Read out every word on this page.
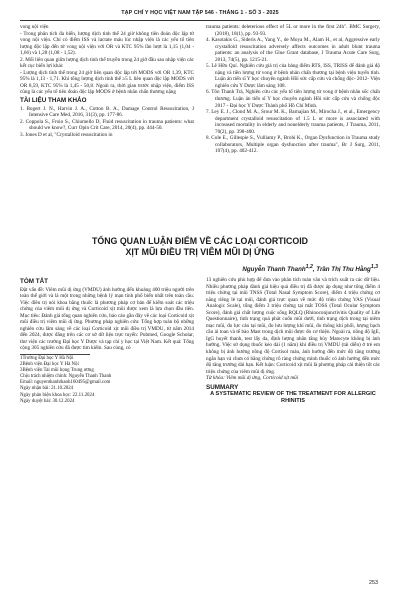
TẠP CHÍ Y HỌC VIỆT NAM TẬP 546 - THÁNG 1 - SỐ 3 - 2025

vong nội viện

- Trong phân tích đa biến, lượng dịch tinh thể 24 giờ không tiên đoán độc lập tử vong nội viện. Chỉ có điểm ISS và lactate máu lúc nhập viện là các yếu tố tiên lượng độc lập đến tử vong nội viện với OR và KTC 95% lần lượt là 1,15 (1,04 - 1,66) và 1,28 (1,08 - 1,52).

2. Mối liên quan giữa lượng dịch tinh thể truyền trong 24 giờ đầu sau nhập viện các kết cục biến lợi khác

- Lượng dịch tinh thể trong 24 giờ liên quan độc lập tới MODS với OR 1,39, KTC 95% là 1,13 - 1,71. Khi tổng lượng dịch tinh thể ≥5 L liên quan độc lập MODS với OR 8,59, KTC 95% là 1,45 - 50,8. Ngoài ra, thời gian trước nhập viện, điểm ISS cũng là các yếu tố tiên đoán độc lập MODS ở bệnh nhân chấn thương nặng

TÀI LIỆU THAM KHẢO

1. Bogert J. N., Harvin J. A., Cotton B. A., Damage Control Resuscitation, J Intensive Care Med, 2016, 31(3), pp. 177-86.

2. Coppola S., Froio S., Chiumello D, Fluid resuscitation in trauma patients: what should we know?, Curr Opin Crit Care, 2014, 20(4), pp. 444-50.

3. Jones D et al, "Crystalloid resuscitation in

trauma patients: deleterious effect of 5L or more in the first 24h". BMC Surgery, (2018), 18(1), pp. 93-93.

4. Kasotakis G., Sideris A., Yang Y., de Moya M., Alam H., et al, Aggressive early crystalloid resuscitation adversely affects outcomes in adult blunt trauma patients: an analysis of the Glue Grant database, J Trauma Acute Care Surg, 2013, 74(5), pp. 1215-21.

5. Lê Hữu Quí. Nghiên cứu giá trị của bảng điểm RTS, ISS, TRISS để đánh giá độ nặng và tiên lượng tử vong ở bệnh nhân chấn thương tại bệnh viện tuyến tỉnh. Luận án tiến sĩ Y học chuyên ngành Hồi sức cấp cứu và chống độc- 2012- Viện nghiên cứu Y Dược lâm sàng 108.

6. Tôn Thanh Trà, Nghiên cứu các yếu tố tiên lượng tử vong ở bệnh nhân sốc chấn thương. Luận án tiến sĩ Y học chuyên ngành Hồi sức cấp cứu và chống độc 2017 - Đại học Y Dược Thành phố Hồ Chí Minh.

7. Ley E. J., Clond M. A., Srour M. K., Barnajian M., Mirocha J., et al., Emergency department crystalloid resuscitation of 1.5 L or more is associated with increased mortality in elderly and nonelderly trauma patients, J Trauma, 2011, 70(2), pp. 398-400.

8. Cole E., Gillespie S., Vulliamy P., Brohi K., Organ Dysfunction in Trauma study collaborators, Multiple organ dysfunction after trauma", Br J Surg, 2011, 107(4), pp. 402-412.

TỔNG QUAN LUẬN ĐIỂM VỀ CÁC LOẠI CORTICOID
XỊT MŨI ĐIỀU TRỊ VIÊM MŨI DỊ ỨNG
Nguyễn Thanh Thanh$^{1,2}$, Trần Thị Thu Hằng$^{1,3}$

TÓM TẮT

Đặt vấn đề: Viêm mũi dị ứng (VMDU) ảnh hưởng đến khoảng 400 triệu người trên toàn thế giới và là một trong những bệnh lý mạn tính phổ biến nhất trên toàn cầu. Việc điều trị nói khoa bằng thuốc là phương pháp cơ bản để kiểm soát các triệu chứng của viêm mũi dị ứng và Corticoid xịt mũi được xem là lựa chọn đầu tiên. Mục tiêu: Đánh giá tổng quan nghiên cứu, báo cáo gần đây về các loại Corticoid xịt mũi điều trị viêm mũi dị ứng. Phương pháp nghiên cứu: Tổng hợp toàn bộ những nghiên cứu lâm sàng về các loại Corticoid xịt mũi điều trị VMDU, từ năm 2014 đến 2024, được đăng trên các cơ sở dữ liệu trực tuyến: Pubmed, Google Scholar, thư viện các trường Đại học Y Dược và tạp chí y học tại Việt Nam. Kết quả: Tổng cộng 305 nghiên cứu đã được tìm kiếm. Sau cùng, có

1Trường Đại học Y Hà Nội

2Bệnh viện Đại học Y Hà Nội

3Bệnh viện Tai mũi họng Trung ương

Chịu trách nhiệm chính: Nguyễn Thanh Thanh

Email: nguyenthanhthanh160495@gmail.com

Ngày nhận bài: 21.10.2024

Ngày phản biện khoa học: 22.11.2024

Ngày duyệt bài: 30.12.2024

13 nghiên cứu phù hợp để đưa vào phân tích toàn văn và trích xuất ra các dữ liệu. Nhiều phương pháp đánh giá hiệu quả điều trị đã được áp dụng như tổng điểm 4 triệu chứng tại mũi TNSS (Total Nasal Symptom Score), điểm 4 triệu chứng cơ năng riêng lẻ tại mũi, đánh giá trực quan về mức độ triệu chứng VAS (Visual Analogic Scale), tổng điểm 3 triệu chứng tại mắt TOSS (Total Ocular Symptom Score), đánh giá chất lượng cuộc sống RQLQ (Rhinoconjunctivitis Quality of Life Questionnaire), tình trạng quá phát cuốn mũi dưới, tình trạng dịch trong tại niêm mạc mũi, đo lực cản tại mũi, đo lưu lượng khí mũi, đo thông khí phổi, lượng bạch cầu ái toan và tế bào Mast trong dịch mũi được đo cơ thiện. Ngoài ra, nồng độ IgE, IgG huyết thanh, test lẩy da, định lượng nhân tăng hủy Matocyte không bị ảnh hưởng. Việc sử dụng thuốc kéo dài (1 năm) khi điều trị VMDU (tái diễn) ở trẻ em không bị ảnh hưởng nồng độ Cortisol máu, ảnh hưởng đến mức độ tăng trưởng ngắn hạn và chưa có bằng chứng rõ ràng chứng minh thuốc có ảnh hưởng đến mức độ tăng trưởng dài hạn. Kết luận: Corticoid xịt mũi là phương pháp cải thiện tốt các triệu chứng của viêm mũi dị ứng.

Từ khóa: Viêm mũi dị ứng, Corticoid xịt mũi

SUMMARY

A SYSTEMATIC REVIEW OF THE TREATMENT FOR ALLERGIC RHINITIS

253
